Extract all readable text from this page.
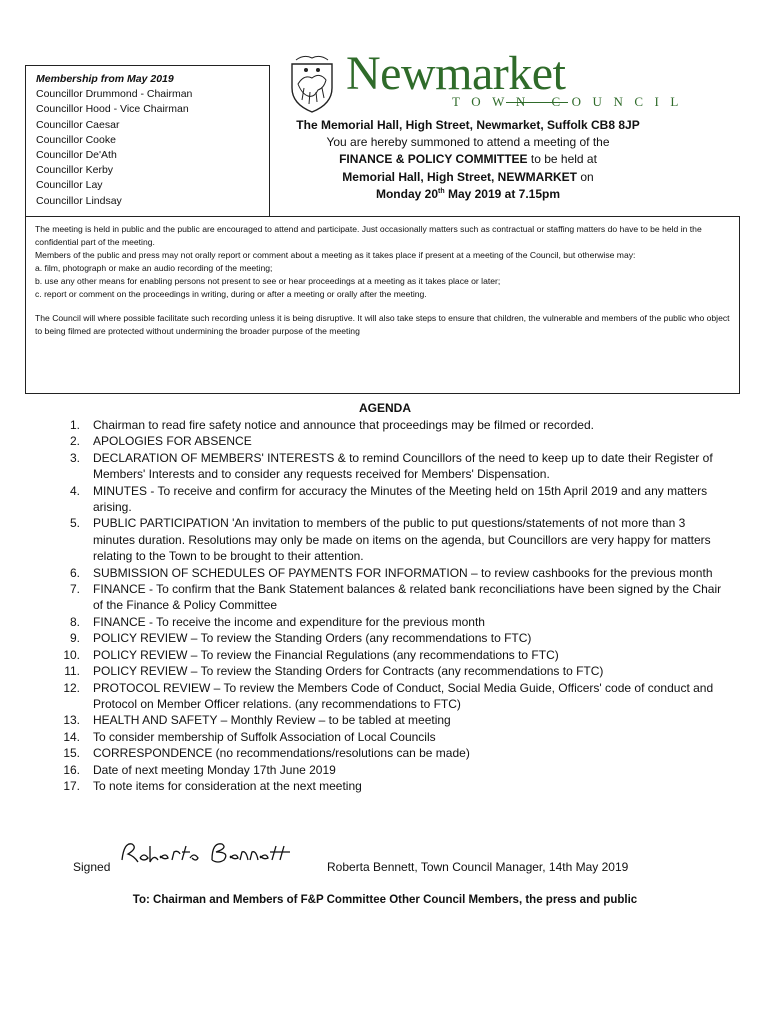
Membership from May 2019
Councillor Drummond - Chairman
Councillor Hood - Vice Chairman
Councillor Caesar
Councillor Cooke
Councillor De'Ath
Councillor Kerby
Councillor Lay
Councillor Lindsay
Newmarket
TOWN COUNCIL
The Memorial Hall, High Street, Newmarket, Suffolk CB8 8JP
You are hereby summoned to attend a meeting of the
FINANCE & POLICY COMMITTEE to be held at
Memorial Hall, High Street, NEWMARKET on
Monday 20th May 2019 at 7.15pm

The meeting is held in public and the public are encouraged to attend and participate. Just occasionally matters such as contractual or staffing matters do have to be held in the confidential part of the meeting.

Members of the public and press may not orally report or comment about a meeting as it takes place if present at a meeting of the Council, but otherwise may:

a. film, photograph or make an audio recording of the meeting;

b. use any other means for enabling persons not present to see or hear proceedings at a meeting as it takes place or later;

c. report or comment on the proceedings in writing, during or after a meeting or orally after the meeting.

The Council will where possible facilitate such recording unless it is being disruptive. It will also take steps to ensure that children, the vulnerable and members of the public who object to being filmed are protected without undermining the broader purpose of the meeting

AGENDA
1. Chairman to read fire safety notice and announce that proceedings may be filmed or recorded.
2. APOLOGIES FOR ABSENCE
3. DECLARATION OF MEMBERS' INTERESTS & to remind Councillors of the need to keep up to date their Register of Members' Interests and to consider any requests received for Members' Dispensation.
4. MINUTES - To receive and confirm for accuracy the Minutes of the Meeting held on 15th April 2019 and any matters arising.
5. PUBLIC PARTICIPATION 'An invitation to members of the public to put questions/statements of not more than 3 minutes duration. Resolutions may only be made on items on the agenda, but Councillors are very happy for matters relating to the Town to be brought to their attention.
6. SUBMISSION OF SCHEDULES OF PAYMENTS FOR INFORMATION – to review cashbooks for the previous month
7. FINANCE - To confirm that the Bank Statement balances & related bank reconciliations have been signed by the Chair of the Finance & Policy Committee
8. FINANCE - To receive the income and expenditure for the previous month
9. POLICY REVIEW – To review the Standing Orders (any recommendations to FTC)
10. POLICY REVIEW – To review the Financial Regulations (any recommendations to FTC)
11. POLICY REVIEW – To review the Standing Orders for Contracts (any recommendations to FTC)
12. PROTOCOL REVIEW – To review the Members Code of Conduct, Social Media Guide, Officers' code of conduct and Protocol on Member Officer relations. (any recommendations to FTC)
13. HEALTH AND SAFETY – Monthly Review – to be tabled at meeting
14. To consider membership of Suffolk Association of Local Councils
15. CORRESPONDENCE (no recommendations/resolutions can be made)
16. Date of next meeting Monday 17th June 2019
17. To note items for consideration at the next meeting
Signed	Roberta Bennett, Town Council Manager, 14th May 2019
To: Chairman and Members of F&P Committee Other Council Members, the press and public
